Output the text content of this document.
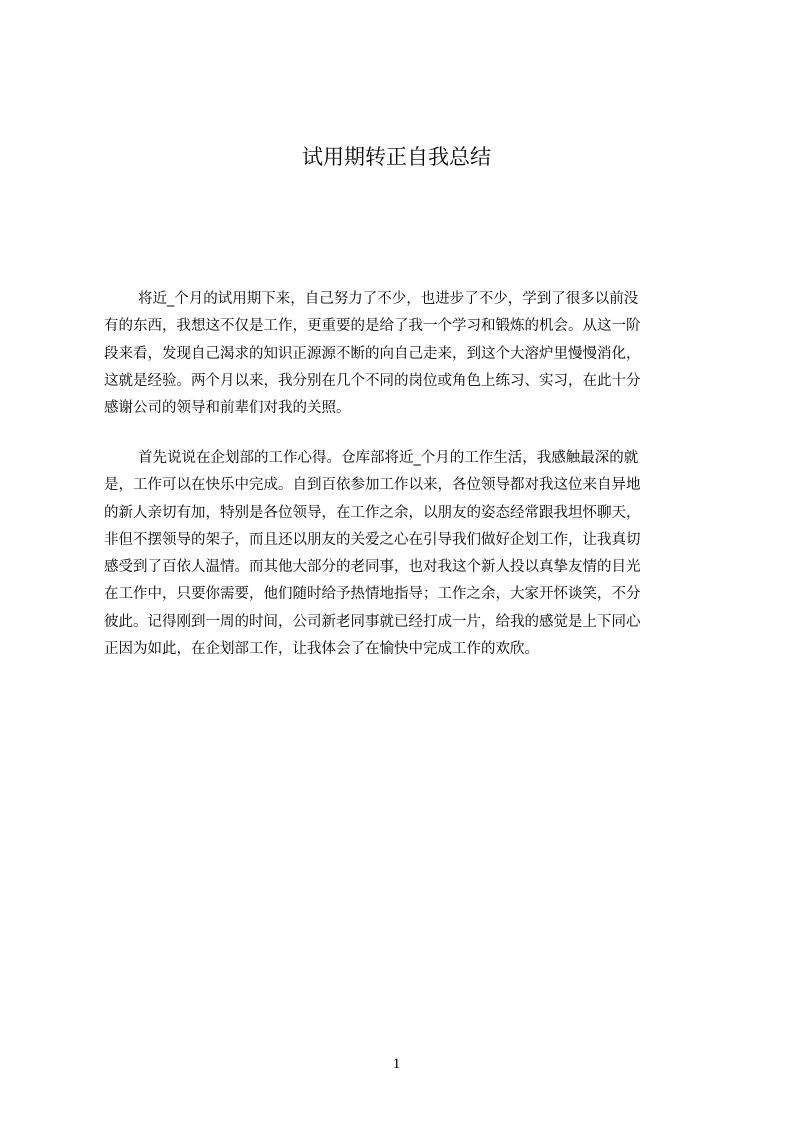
试用期转正自我总结
将近_个月的试用期下来，自己努力了不少，也进步了不少，学到了很多以前没
有的东西，我想这不仅是工作，更重要的是给了我一个学习和锻炼的机会。从这一阶
段来看，发现自己渴求的知识正源源不断的向自己走来，到这个大溶炉里慢慢消化，
这就是经验。两个月以来，我分别在几个不同的岗位或角色上练习、实习，在此十分
感谢公司的领导和前辈们对我的关照。
首先说说在企划部的工作心得。仓库部将近_个月的工作生活，我感触最深的就
是，工作可以在快乐中完成。自到百依参加工作以来，各位领导都对我这位来自异地
的新人亲切有加，特别是各位领导，在工作之余，以朋友的姿态经常跟我坦怀聊天，
非但不摆领导的架子，而且还以朋友的关爱之心在引导我们做好企划工作，让我真切
感受到了百依人温情。而其他大部分的老同事，也对我这个新人投以真挚友情的目光
在工作中，只要你需要，他们随时给予热情地指导；工作之余，大家开怀谈笑，不分
彼此。记得刚到一周的时间，公司新老同事就已经打成一片，给我的感觉是上下同心
正因为如此，在企划部工作，让我体会了在愉快中完成工作的欢欣。
1
